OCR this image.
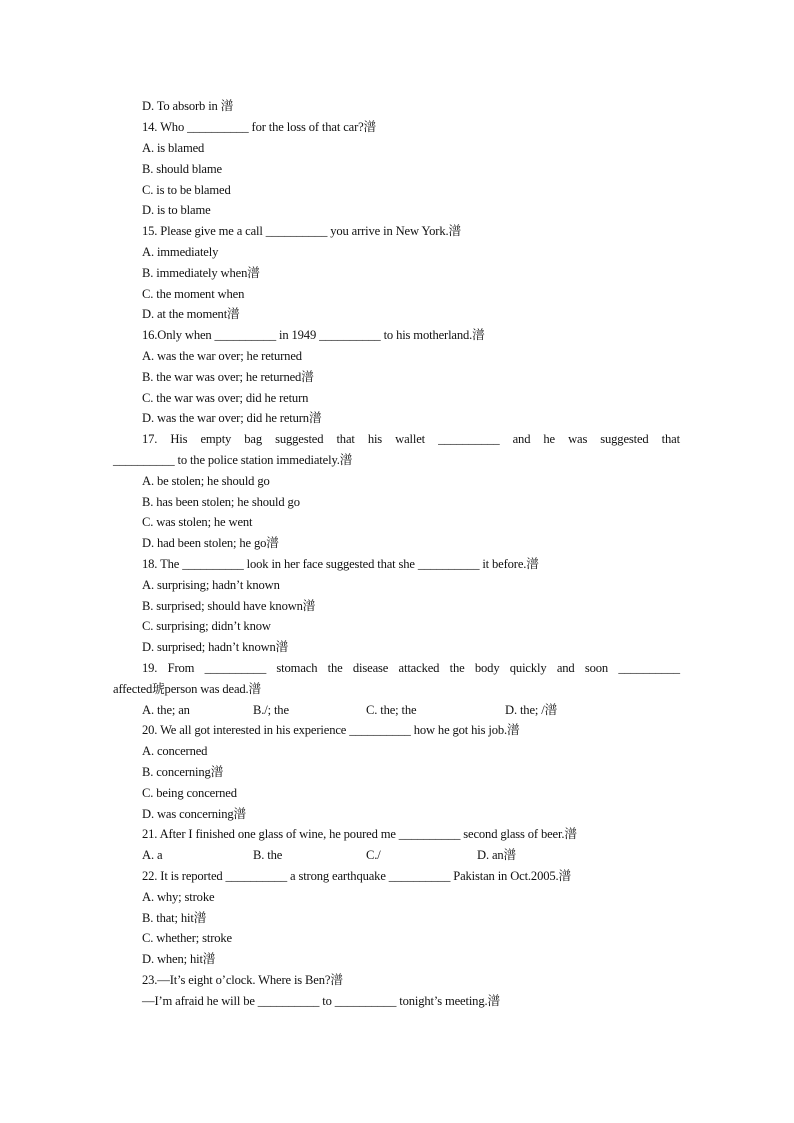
D. To absorb in 潽
14. Who __________ for the loss of that car?潽
A. is blamed
B. should blame
C. is to be blamed
D. is to blame
15. Please give me a call __________ you arrive in New York.潽
A. immediately
B. immediately when潽
C. the moment when
D. at the moment潽
16.Only when __________ in 1949 __________ to his motherland.潽
A. was the war over; he returned
B. the war was over; he returned潽
C. the war was over; did he return
D. was the war over; did he return潽
17. His empty bag suggested that his wallet __________ and he was suggested that
__________ to the police station immediately.潽
A. be stolen; he should go
B. has been stolen; he should go
C. was stolen; he went
D. had been stolen; he go潽
18. The __________ look in her face suggested that she __________ it before.潽
A. surprising; hadn’t known
B. surprised; should have known潽
C. surprising; didn’t know
D. surprised; hadn’t known潽
19. From __________ stomach the disease attacked the body quickly and soon __________
affected琥person was dead.潽
A. the; an	B./; the	C. the; the	D. the; /潽
20. We all got interested in his experience __________ how he got his job.潽
A. concerned
B. concerning潽
C. being concerned
D. was concerning潽
21. After I finished one glass of wine, he poured me __________ second glass of beer.潽
A. a	B. the	C./	D. an潽
22. It is reported __________ a strong earthquake __________ Pakistan in Oct.2005.潽
A. why; stroke
B. that; hit潽
C. whether; stroke
D. when; hit潽
23.—It’s eight o’clock. Where is Ben?潽
—I’m afraid he will be __________ to __________ tonight’s meeting.潽
